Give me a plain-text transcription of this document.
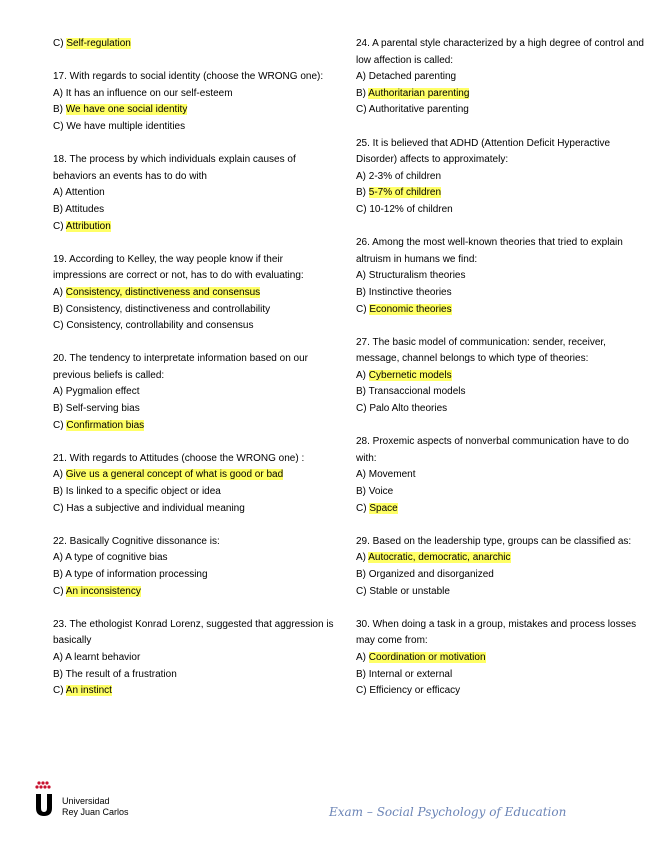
C) Self-regulation
17. With regards to social identity (choose the WRONG one):
A) It has an influence on our self-esteem
B) We have one social identity
C) We have multiple identities
18. The process by which individuals explain causes of behaviors an events has to do with
A) Attention
B) Attitudes
C) Attribution
19. According to Kelley, the way people know if their impressions are correct or not, has to do with evaluating:
A) Consistency, distinctiveness and consensus
B) Consistency, distinctiveness and controllability
C) Consistency, controllability and consensus
20. The tendency to interpretate information based on our previous beliefs is called:
A) Pygmalion effect
B) Self-serving bias
C) Confirmation bias
21. With regards to Attitudes (choose the WRONG one) :
A) Give us a general concept of what is good or bad
B) Is linked to a specific object or idea
C) Has a subjective and individual meaning
22. Basically Cognitive dissonance is:
A) A type of cognitive bias
B) A type of information processing
C) An inconsistency
23. The ethologist Konrad Lorenz, suggested that aggression is basically
A) A learnt behavior
B) The result of a frustration
C) An instinct
24. A parental style characterized by a high degree of control and low affection is called:
A) Detached parenting
B) Authoritarian parenting
C) Authoritative parenting
25. It is believed that ADHD (Attention Deficit Hyperactive Disorder) affects to approximately:
A) 2-3% of children
B) 5-7% of children
C) 10-12% of children
26. Among the most well-known theories that tried to explain altruism in humans we find:
A) Structuralism theories
B) Instinctive theories
C) Economic theories
27. The basic model of communication: sender, receiver, message, channel belongs to which type of theories:
A) Cybernetic models
B) Transaccional models
C) Palo Alto theories
28. Proxemic aspects of nonverbal communication have to do with:
A) Movement
B) Voice
C) Space
29. Based on the leadership type, groups can be classified as:
A) Autocratic, democratic, anarchic
B) Organized and disorganized
C) Stable or unstable
30. When doing a task in a group, mistakes and process losses may come from:
A) Coordination or motivation
B) Internal or external
C) Efficiency or efficacy
Universidad
Rey Juan Carlos	Exam – Social Psychology of Education
